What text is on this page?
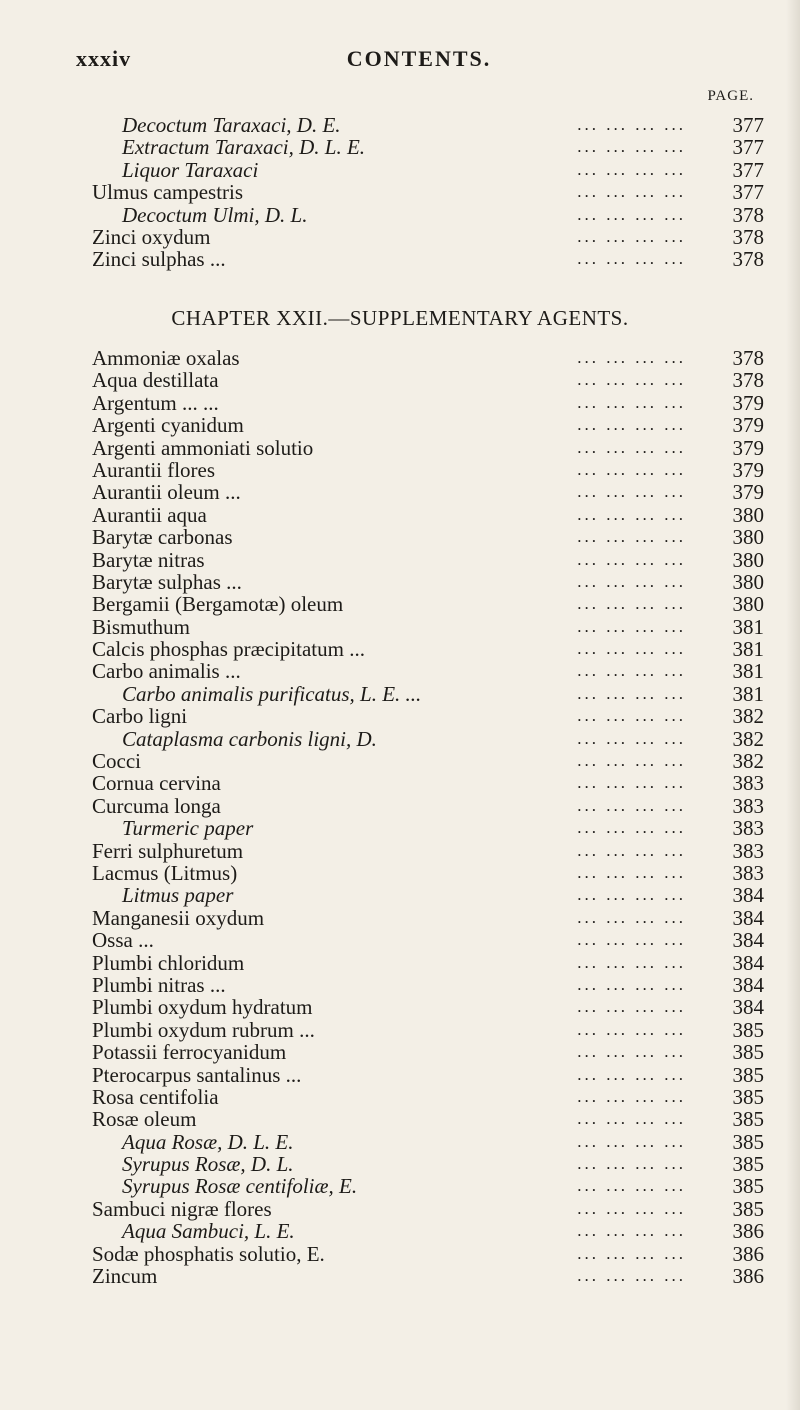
xxxiv	CONTENTS.
PAGE.
Decoctum Taraxaci, D. E.	... ... ... ... 377
Extractum Taraxaci, D. L. E.	... ... ... ... 377
Liquor Taraxaci	... ... ... ... 377
Ulmus campestris	... ... ... ... 377
Decoctum Ulmi, D. L.	... ... ... ... 378
Zinci oxydum	... ... ... ... 378
Zinci sulphas ...	... ... ... ... 378
CHAPTER XXII.—SUPPLEMENTARY AGENTS.
Ammoniæ oxalas	... ... ... ... 378
Aqua destillata	... ... ... ... 378
Argentum ... ...	... ... ... ... 379
Argenti cyanidum	... ... ... ... 379
Argenti ammoniati solutio	... ... ... ... 379
Aurantii flores	... ... ... ... 379
Aurantii oleum ...	... ... ... ... 379
Aurantii aqua	... ... ... ... 380
Barytæ carbonas	... ... ... ... 380
Barytæ nitras	... ... ... ... 380
Barytæ sulphas ...	... ... ... ... 380
Bergamii (Bergamotæ) oleum	... ... ... ... 380
Bismuthum	... ... ... ... 381
Calcis phosphas præcipitatum ...	... ... ... ... 381
Carbo animalis ...	... ... ... ... 381
Carbo animalis purificatus, L. E. ...	... ... ... ... 381
Carbo ligni	... ... ... ... 382
Cataplasma carbonis ligni, D.	... ... ... ... 382
Cocci	... ... ... ... 382
Cornua cervina	... ... ... ... 383
Curcuma longa	... ... ... ... 383
Turmeric paper	... ... ... ... 383
Ferri sulphuretum	... ... ... ... 383
Lacmus (Litmus)	... ... ... ... 383
Litmus paper	... ... ... ... 384
Manganesii oxydum	... ... ... ... 384
Ossa ...	... ... ... ... 384
Plumbi chloridum	... ... ... ... 384
Plumbi nitras ...	... ... ... ... 384
Plumbi oxydum hydratum	... ... ... ... 384
Plumbi oxydum rubrum ...	... ... ... ... 385
Potassii ferrocyanidum	... ... ... ... 385
Pterocarpus santalinus ...	... ... ... ... 385
Rosa centifolia	... ... ... ... 385
Rosæ oleum	... ... ... ... 385
Aqua Rosæ, D. L. E.	... ... ... ... 385
Syrupus Rosæ, D. L.	... ... ... ... 385
Syrupus Rosæ centifoliæ, E.	... ... ... ... 385
Sambuci nigræ flores	... ... ... ... 385
Aqua Sambuci, L. E.	... ... ... ... 386
Sodæ phosphatis solutio, E.	... ... ... ... 386
Zincum	... ... ... ... 386
